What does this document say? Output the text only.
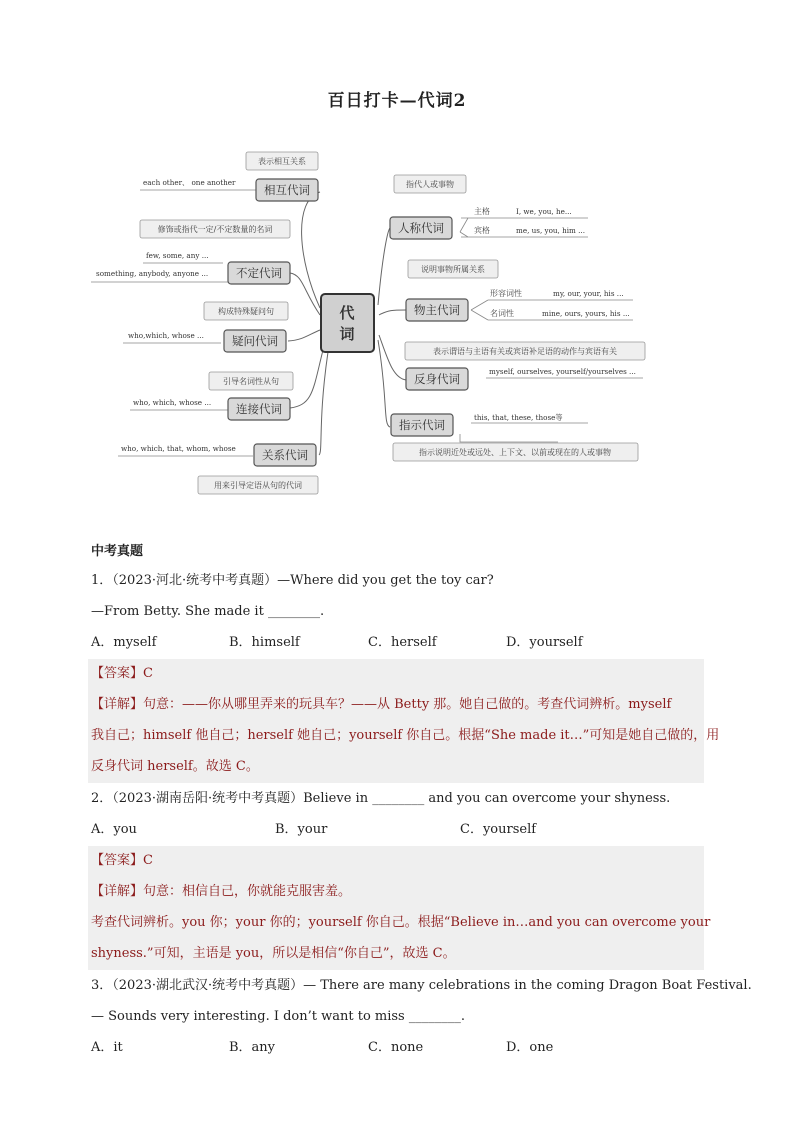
百日打卡—代词2
代
词
表示相互关系
相互代词
each other、 one another
修饰或指代一定/不定数量的名词
不定代词
few, some, any ...
something, anybody, anyone ...
构成特殊疑问句
疑问代词
who,which, whose ...
引导名词性从句
连接代词
who, which, whose ...
关系代词
who, which, that, whom, whose
用来引导定语从句的代词
指代人或事物
人称代词
主格	I, we, you, he...
宾格	me, us, you, him ...
说明事物所属关系
物主代词
形容词性	my, our, your, his ...
名词性	mine, ours, yours, his ...
表示谓语与主语有关或宾语补足语的动作与宾语有关
反身代词
myself, ourselves, yourself/yourselves ...
指示代词
this, that, these, those等
指示说明近处或远处、上下文、以前或现在的人或事物
中考真题
1．（2023·河北·统考中考真题）—Where did you get the toy car?
—From Betty. She made it ________.
A．myself	B．himself	C．herself	D．yourself
【答案】C
【详解】句意：——你从哪里弄来的玩具车？——从 Betty 那。她自己做的。考查代词辨析。myself
我自己；himself 他自己；herself 她自己；yourself 你自己。根据“She made it…”可知是她自己做的，用
反身代词 herself。故选 C。
2．（2023·湖南岳阳·统考中考真题）Believe in ________ and you can overcome your shyness.
A．you	B．your	C．yourself
【答案】C
【详解】句意：相信自己，你就能克服害羞。
考查代词辨析。you 你；your 你的；yourself 你自己。根据“Believe in…and you can overcome your
shyness.”可知，主语是 you，所以是相信“你自己”，故选 C。
3．（2023·湖北武汉·统考中考真题）— There are many celebrations in the coming Dragon Boat Festival.
— Sounds very interesting. I don’t want to miss ________.
A．it	B．any	C．none	D．one
